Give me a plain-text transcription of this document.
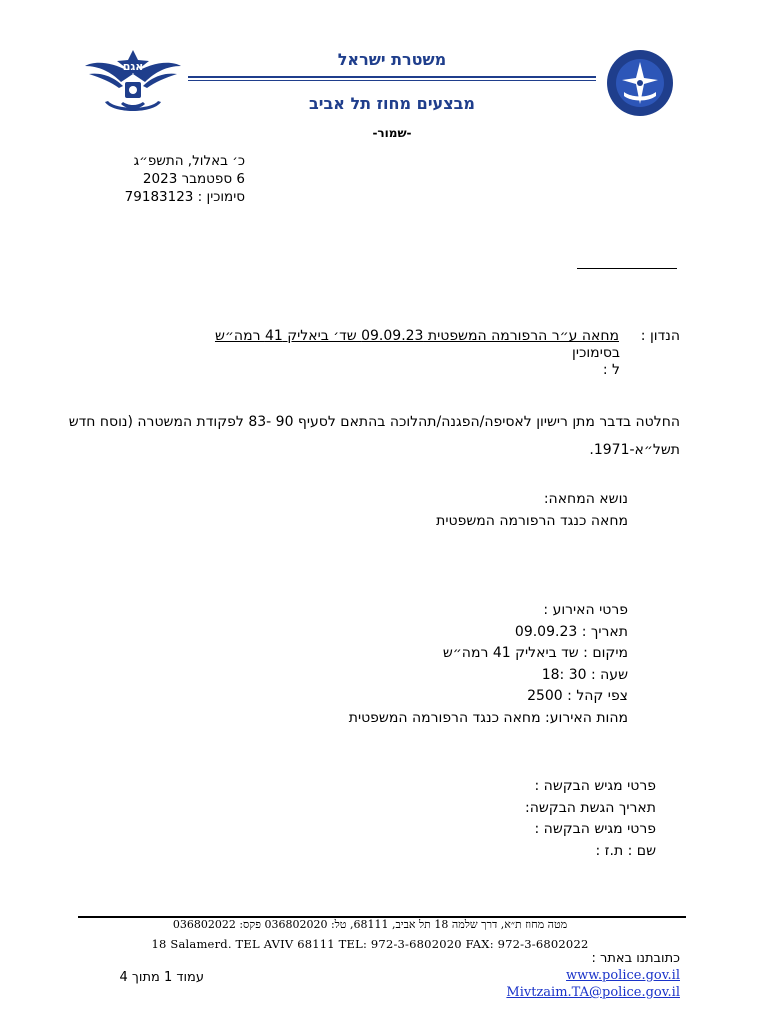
אגם	משטרת ישראל
מבצעים מחוז תל אביב
-שמור-
כ׳ באלול, התשפ״ג
6 ספטמבר 2023
סימוכין : 79183123
הנדון :
מחאה ע״ר הרפורמה המשפטית 09.09.23 שד׳ ביאליק 41 רמה״ש
בסימוכין
ל :
החלטה בדבר מתן רישיון לאסיפה/הפגנה/תהלוכה בהתאם לסעיף 90 -83 לפקודת המשטרה (נוסח חדש תשל״א-1971.
נושא המחאה:
מחאה כנגד הרפורמה המשפטית
פרטי האירוע :
תאריך : 09.09.23
מיקום : שד ביאליק 41 רמה״ש
שעה : 30 :18
צפי קהל : 2500
מהות האירוע: מחאה כנגד הרפורמה המשפטית
פרטי מגיש הבקשה :
תאריך הגשת הבקשה:
פרטי מגיש הבקשה :
שם : ת.ז :
מטה מחוז ת״א, דרך שלמה 18 תל אביב, 68111, טל: 036802020 פקס: 036802022
18 Salamerd. TEL AVIV 68111 TEL: 972-3-6802020 FAX: 972-3-6802022
כתובתנו באתר :
www.police.gov.il
Mivtzaim.TA@police.gov.il
עמוד 1 מתוך 4
